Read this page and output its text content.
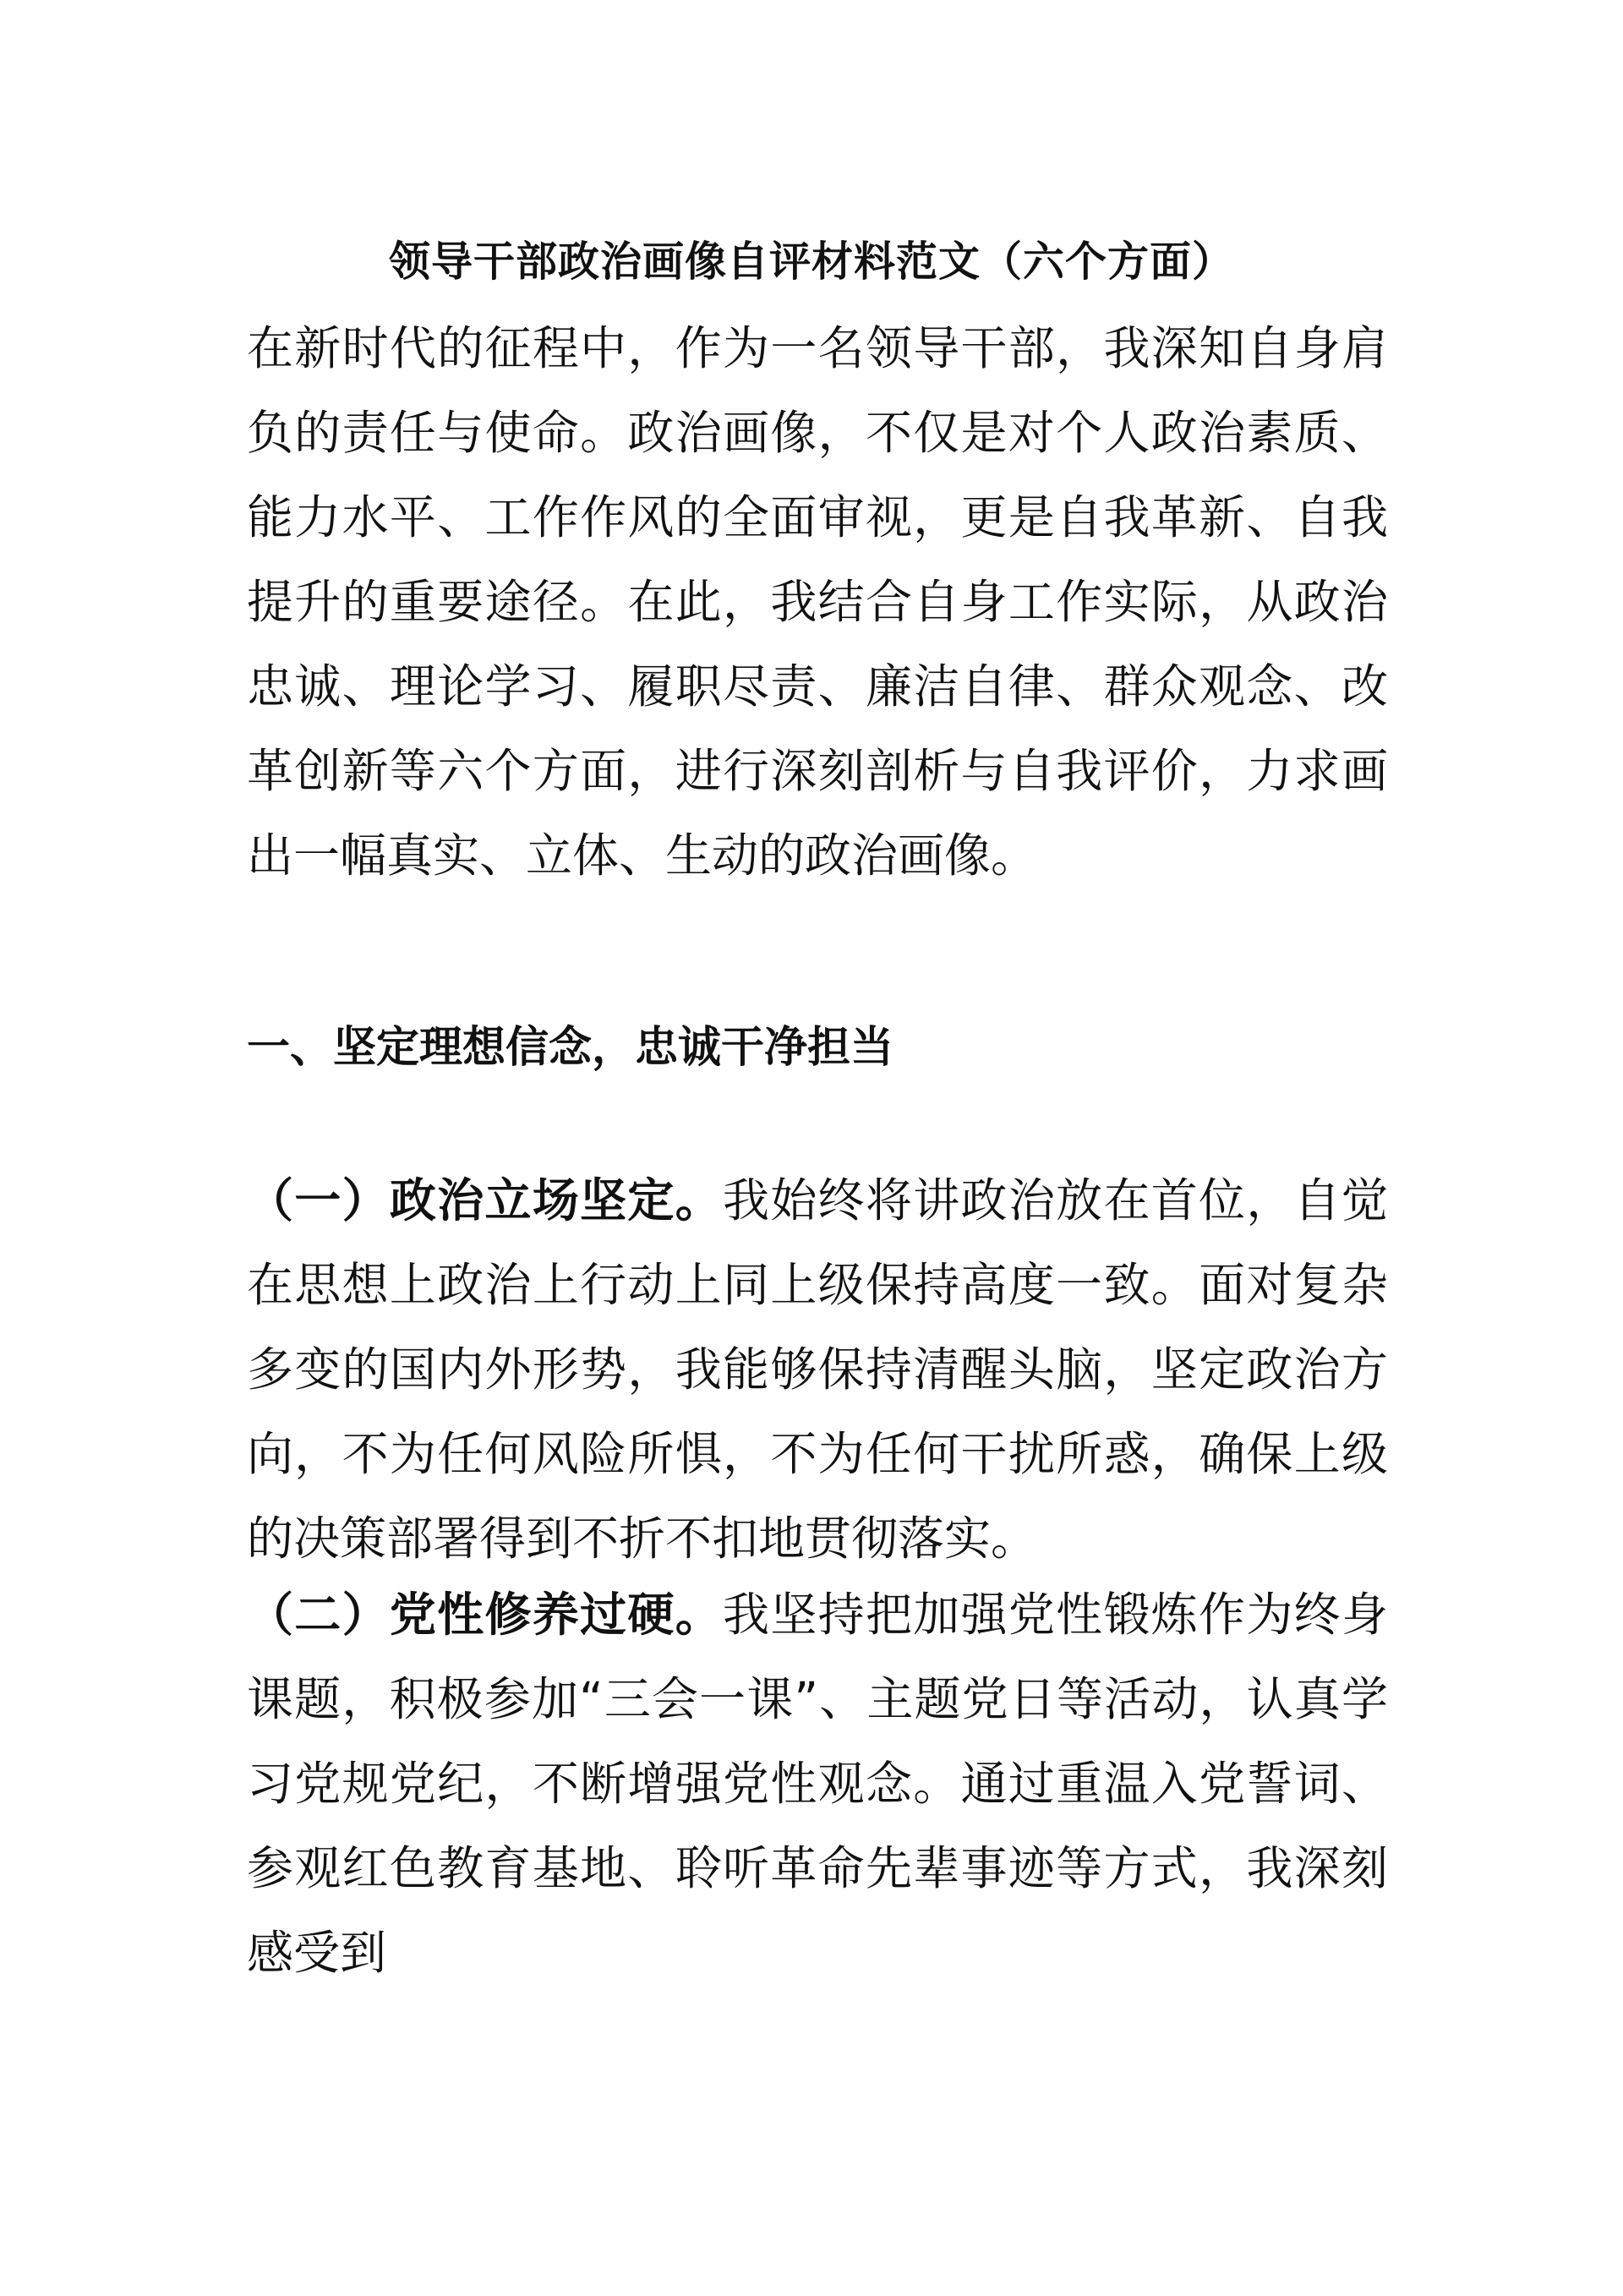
领导干部政治画像自评材料范文（六个方面）

在新时代的征程中，作为一名领导干部，我深知自身肩负的责任与使命。政治画像，不仅是对个人政治素质、能力水平、工作作风的全面审视，更是自我革新、自我提升的重要途径。在此，我结合自身工作实际，从政治忠诚、理论学习、履职尽责、廉洁自律、群众观念、改革创新等六个方面，进行深刻剖析与自我评价，力求画出一幅真实、立体、生动的政治画像。

一、坚定理想信念，忠诚干净担当

（一）政治立场坚定。我始终将讲政治放在首位，自觉在思想上政治上行动上同上级保持高度一致。面对复杂多变的国内外形势，我能够保持清醒头脑，坚定政治方向，不为任何风险所惧，不为任何干扰所惑，确保上级的决策部署得到不折不扣地贯彻落实。

（二）党性修养过硬。我坚持把加强党性锻炼作为终身课题，积极参加“三会一课”、主题党日等活动，认真学习党规党纪，不断增强党性观念。通过重温入党誓词、参观红色教育基地、聆听革命先辈事迹等方式，我深刻感受到
